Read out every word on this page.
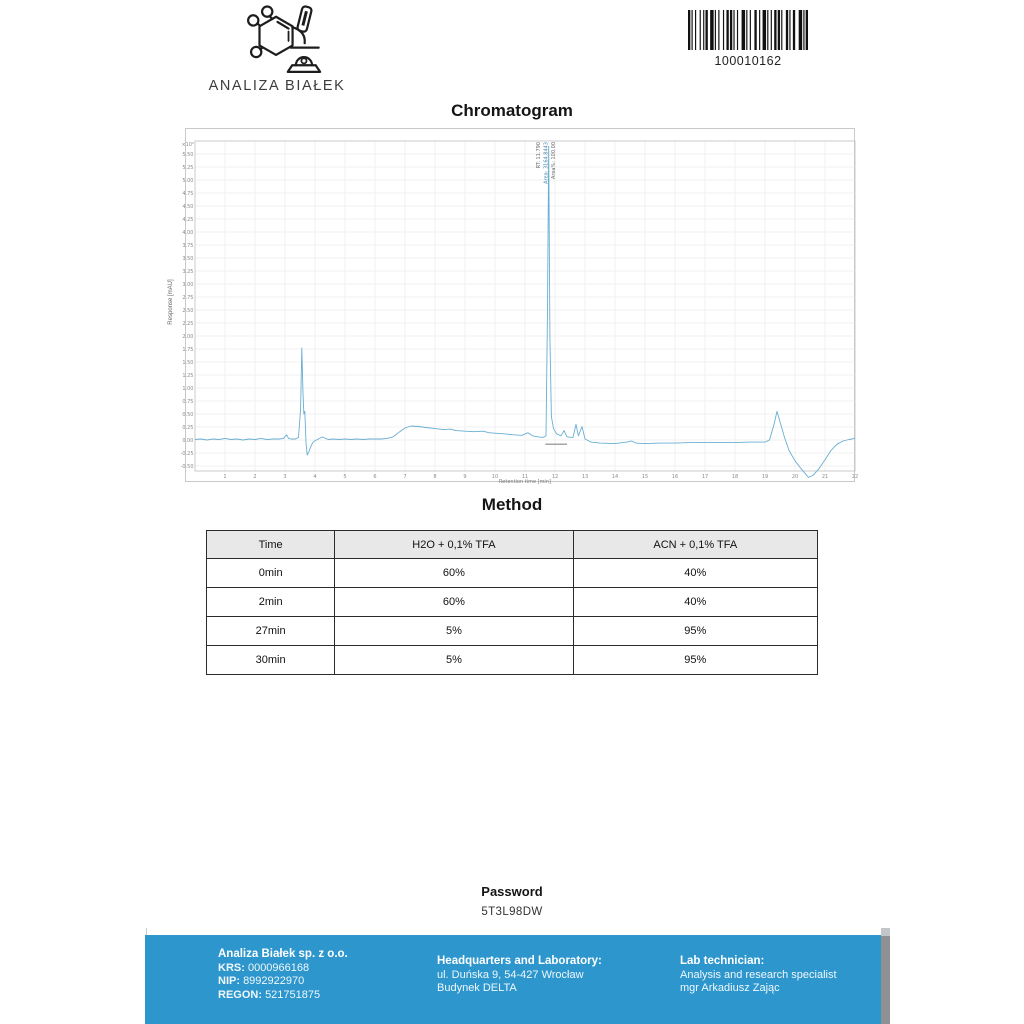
ANALIZA BIAŁEK
100010162
Chromatogram
Response [mAU]
-0.50
-0.25
0.00
0.25
0.50
0.75
1.00
1.25
1.50
1.75
2.00
2.25
2.50
2.75
3.00
3.25
3.50
3.75
4.00
4.25
4.50
4.75
5.00
5.25
5.50
×10²
1	2	3	4	5	6	7	8	9	10	11	12	13	14	15	16	17	18	19	20	21	22
Retention time [min]
RT: 11.790 Area: 3164.8443 Area%: 100.00
Method
Time	H2O + 0,1% TFA	ACN + 0,1% TFA
0min	60%	40%
2min	60%	40%
27min	5%	95%
30min	5%	95%
Password
5T3L98DW
Analiza Białek sp. z o.o.
KRS: 0000966168
NIP: 8992922970
REGON: 521751875
Headquarters and Laboratory:
ul. Duńska 9, 54-427 Wrocław
Budynek DELTA
Lab technician:
Analysis and research specialist
mgr Arkadiusz Zając
